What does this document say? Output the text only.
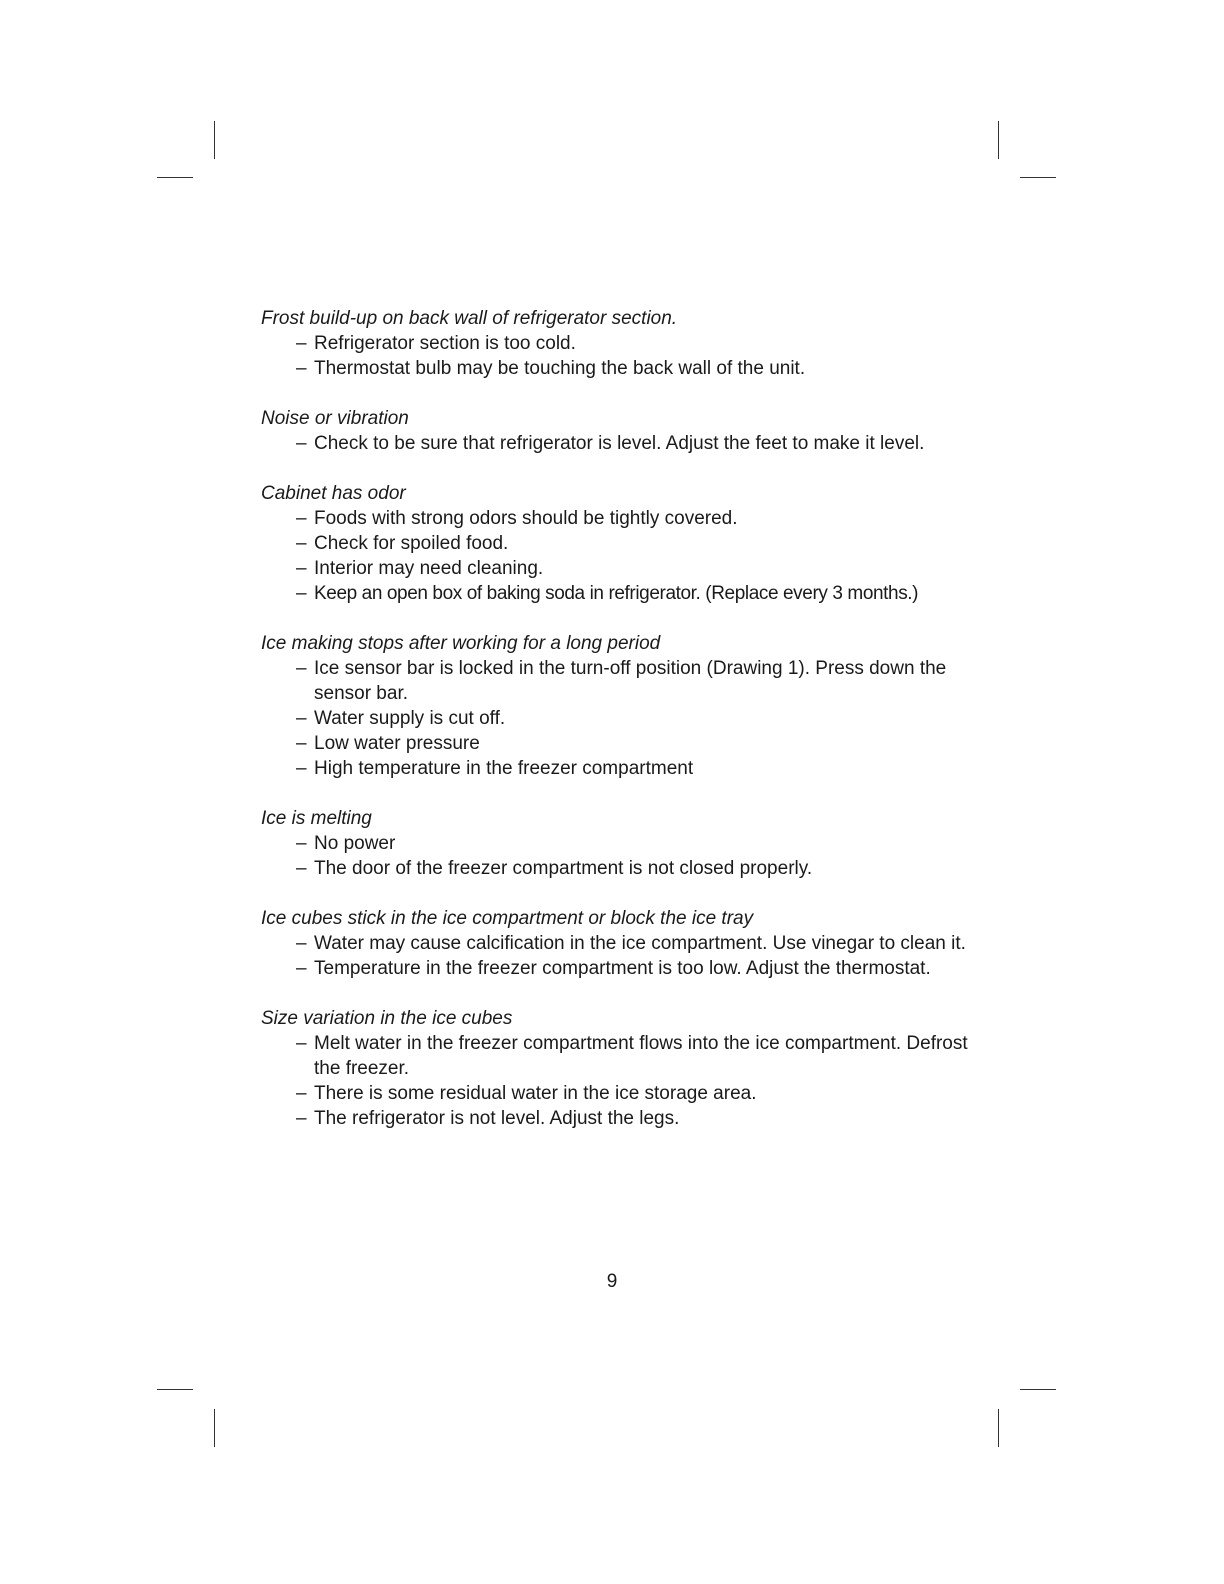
Frost build-up on back wall of refrigerator section.

– Refrigerator section is too cold.
– Thermostat bulb may be touching the back wall of the unit.

Noise or vibration

– Check to be sure that refrigerator is level. Adjust the feet to make it level.

Cabinet has odor

– Foods with strong odors should be tightly covered.
– Check for spoiled food.
– Interior may need cleaning.
– Keep an open box of baking soda in refrigerator. (Replace every 3 months.)

Ice making stops after working for a long period

– Ice sensor bar is locked in the turn-off position (Drawing 1). Press down the sensor bar.
– Water supply is cut off.
– Low water pressure
– High temperature in the freezer compartment

Ice is melting

– No power
– The door of the freezer compartment is not closed properly.

Ice cubes stick in the ice compartment or block the ice tray

– Water may cause calcification in the ice compartment. Use vinegar to clean it.
– Temperature in the freezer compartment is too low. Adjust the thermostat.

Size variation in the ice cubes

– Melt water in the freezer compartment flows into the ice compartment. Defrost the freezer.
– There is some residual water in the ice storage area.
– The refrigerator is not level. Adjust the legs.
9
